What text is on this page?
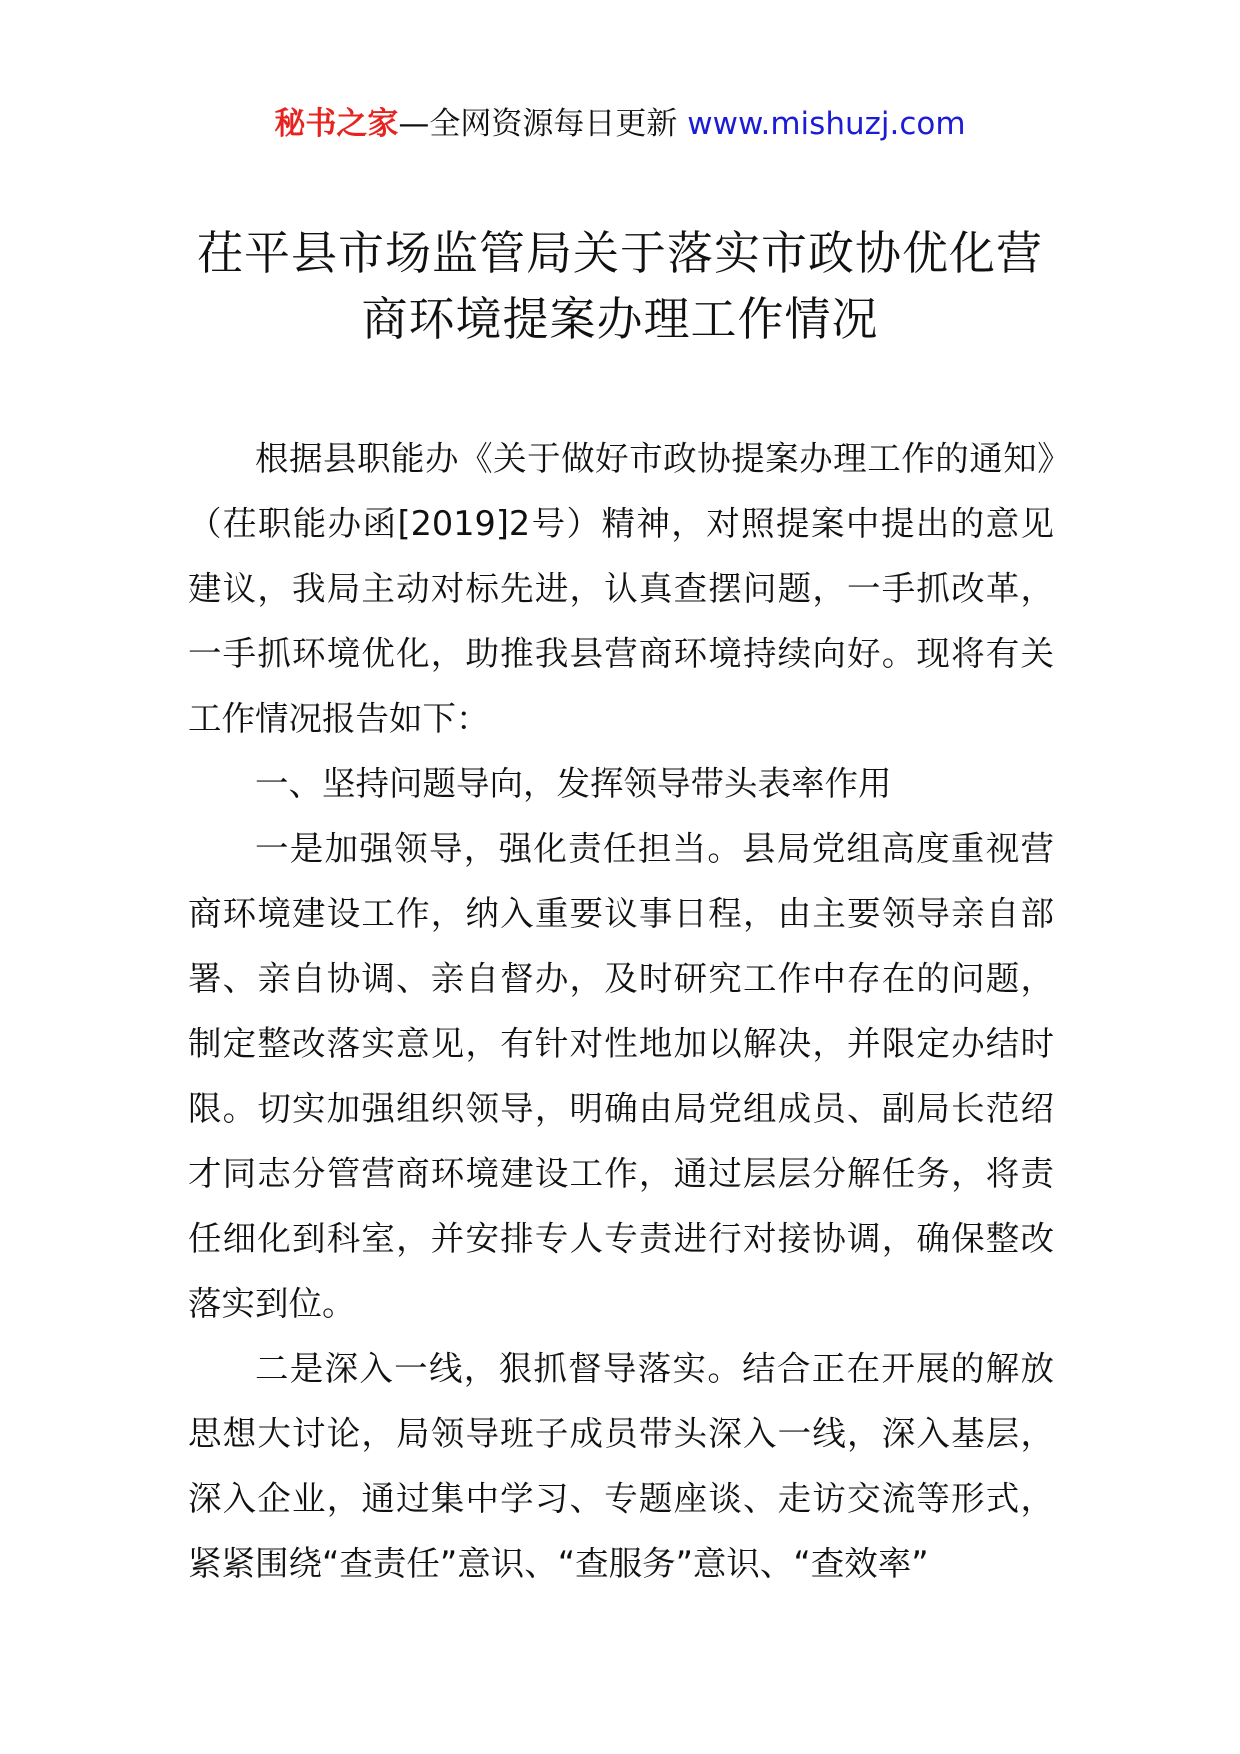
秘书之家—全网资源每日更新 www.mishuzj.com
茌平县市场监管局关于落实市政协优化营
商环境提案办理工作情况

根据县职能办《关于做好市政协提案办理工作的通知》（茌职能办函[2019]2号）精神，对照提案中提出的意见建议，我局主动对标先进，认真查摆问题，一手抓改革，一手抓环境优化，助推我县营商环境持续向好。现将有关工作情况报告如下：

一、坚持问题导向，发挥领导带头表率作用

一是加强领导，强化责任担当。县局党组高度重视营商环境建设工作，纳入重要议事日程，由主要领导亲自部署、亲自协调、亲自督办，及时研究工作中存在的问题，制定整改落实意见，有针对性地加以解决，并限定办结时限。切实加强组织领导，明确由局党组成员、副局长范绍才同志分管营商环境建设工作，通过层层分解任务，将责任细化到科室，并安排专人专责进行对接协调，确保整改落实到位。

二是深入一线，狠抓督导落实。结合正在开展的解放思想大讨论，局领导班子成员带头深入一线，深入基层，深入企业，通过集中学习、专题座谈、走访交流等形式，紧紧围绕“查责任”意识、“查服务”意识、“查效率”
